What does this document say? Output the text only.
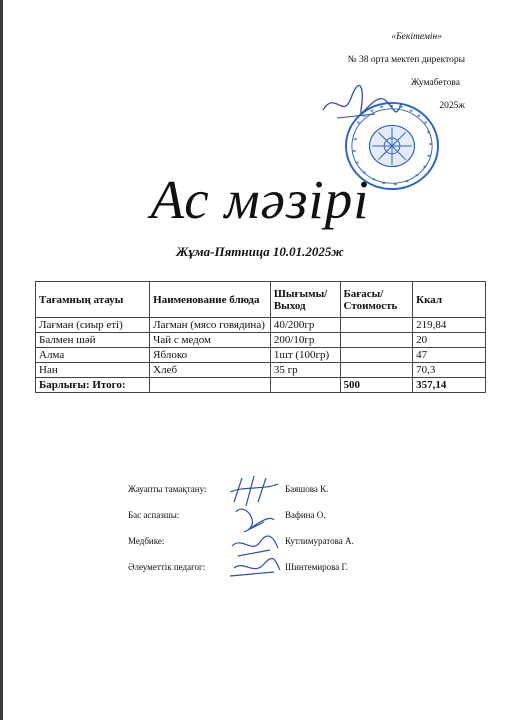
«Бекітемін»
№ 38 орта мектеп директоры
Жумабетова
2025ж
Ас мәзірі
Жұма-Пятница 10.01.2025ж
Тағамның атауы	Наименование блюда	Шығымы/ Выход	Бағасы/ Стоимость	Ккал
Лағман (сиыр еті)	Лагман (мясо говядина)	40/200гр		219,84
Балмен шәй	Чай с медом	200/10гр		20
Алма	Яблоко	1шт (100гр)		47
Нан	Хлеб	35 гр		70,3
Барлығы: Итого:			500	357,14
Жауапты тамақтану:	Баяшова К.
Бас аспазшы:	Вафина О.
Медбике:	Кутлимуратова А.
Әлеуметтік педагог:	Шинтемирова Г.
